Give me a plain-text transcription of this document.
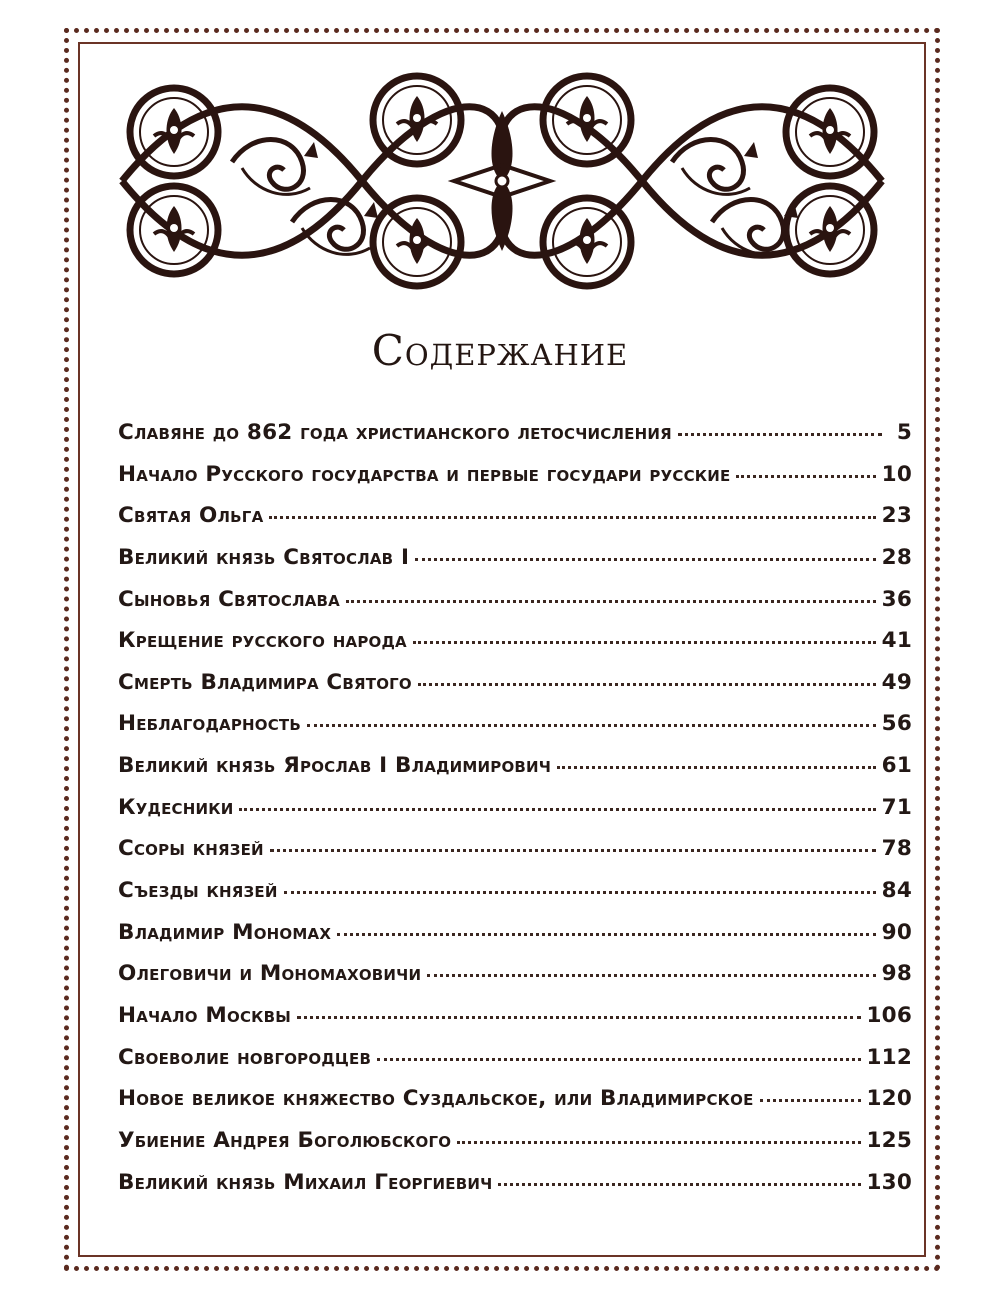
Содержание
Славяне до 862 года христианского летосчисления	5
Начало Русского государства и первые государи русские	10
Святая Ольга	23
Великий князь Святослав I	28
Сыновья Святослава	36
Крещение русского народа	41
Смерть Владимира Святого	49
Неблагодарность	56
Великий князь Ярослав I Владимирович	61
Кудесники	71
Ссоры князей	78
Съезды князей	84
Владимир Мономах	90
Олеговичи и Мономаховичи	98
Начало Москвы	106
Своеволие новгородцев	112
Новое великое княжество Суздальское, или Владимирское	120
Убиение Андрея Боголюбского	125
Великий князь Михаил Георгиевич	130
